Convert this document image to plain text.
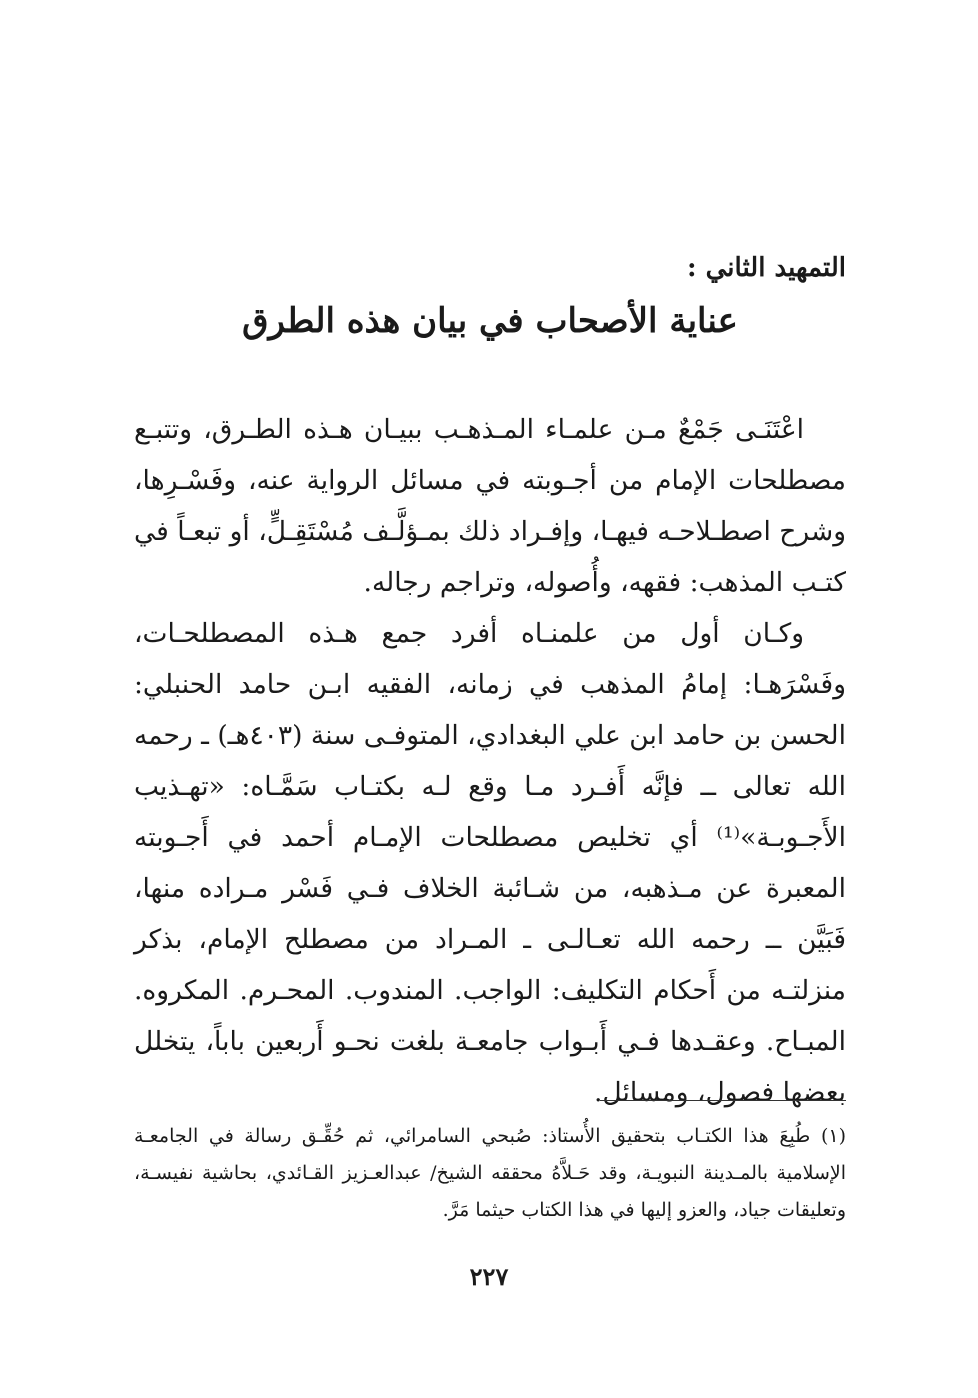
التمهيد الثاني :
عناية الأصحاب في بيان هذه الطرق

اعْتَنَـى جَمْعٌ مـن علمـاء المـذهـب ببيـان هـذه الطـرق، وتتبـع مصطلحات الإمام من أجـوبته في مسائل الرواية عنه، وفَسْـرِها، وشرح اصطـلاحـه فيهـا، وإفـراد ذلك بمـؤلَّـف مُسْتَقِـلٍّ، أو تبعـاً في كتـب المذهب: فقهه، وأُصوله، وتراجم رجاله.

وكـان أول من علمنـاه أفرد جمع هـذه المصطلحـات، وفَسْرَهـا: إمامُ المذهب في زمانه، الفقيه ابـن حامد الحنبلي: الحسن بن حامد ابن علي البغدادي، المتوفـى سنة (٤٠٣هـ) ـ رحمه الله تعالى ــ فإنَّه أَفـرد مـا وقع لـه بكتـاب سَمَّـاه: «تهـذيب الأَجـوبـة»⁽¹⁾ أي تخليص مصطلحات الإمـام أحمد في أَجـوبته المعبرة عن مـذهبه، من شـائبة الخلاف فـي فَسْر مـراده منها، فَبَيَّن ــ رحمه الله تعـالـى ـ المـراد من مصطلح الإمام، بذكر منزلتـه من أَحكام التكليف: الواجب. المندوب. المحـرم. المكروه. المبـاح. وعقـدها فـي أَبـواب جامعـة بلغت نحـو أَربعين باباً، يتخلل بعضها فصول، ومسائل.

(١) طُبِعَ هذا الكتـاب بتحقيق الأُستاذ: صُبحي السامرائي، ثم حُقِّـق رسالة في الجامعـة الإسلامية بالمـدينة النبويـة، وقد حَـلاَّهُ محققه الشيخ/ عبدالعـزيز القـائدي، بحاشية نفيسـة، وتعليقات جياد، والعزو إليها في هذا الكتاب حيثما مَرَّ.

٢٢٧
